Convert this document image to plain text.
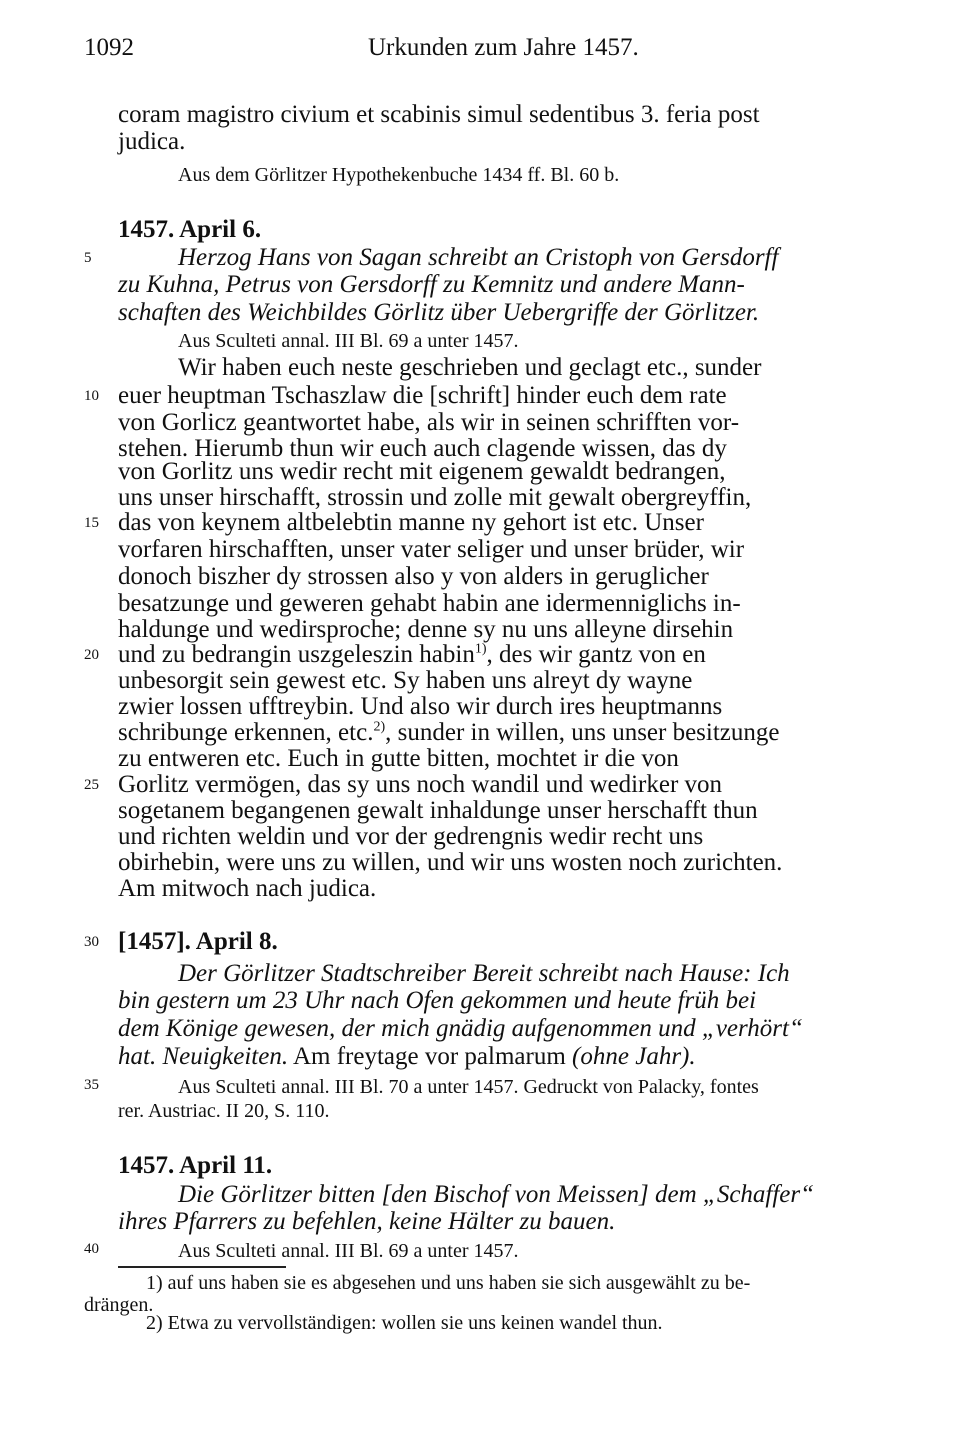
1092	Urkunden zum Jahre 1457.
5
10
15
20
25
30
35
40
coram magistro civium et scabinis simul sedentibus 3. feria post
judica.
Aus dem Görlitzer Hypothekenbuche 1434 ff. Bl. 60 b.
1457. April 6.
Herzog Hans von Sagan schreibt an Cristoph von Gersdorff
zu Kuhna, Petrus von Gersdorff zu Kemnitz und andere Mann-
schaften des Weichbildes Görlitz über Uebergriffe der Görlitzer.
Aus Sculteti annal. III Bl. 69 a unter 1457.
Wir haben euch neste geschrieben und geclagt etc., sunder
euer heuptman Tschaszlaw die [schrift] hinder euch dem rate
von Gorlicz geantwortet habe, als wir in seinen schrifften vor-
stehen. Hierumb thun wir euch auch clagende wissen, das dy
von Gorlitz uns wedir recht mit eigenem gewaldt bedrangen,
uns unser hirschafft, strossin und zolle mit gewalt obergreyffin,
das von keynem altbelebtin manne ny gehort ist etc. Unser
vorfaren hirschafften, unser vater seliger und unser brüder, wir
donoch biszher dy strossen also y von alders in geruglicher
besatzunge und geweren gehabt habin ane idermenniglichs in-
haldunge und wedirsproche; denne sy nu uns alleyne dirsehin
und zu bedrangin uszgeleszin habin$^{1)}$, des wir gantz von en
unbesorgit sein gewest etc. Sy haben uns alreyt dy wayne
zwier lossen ufftreybin. Und also wir durch ires heuptmanns
schribunge erkennen, etc.$^{2)}$, sunder in willen, uns unser besitzunge
zu entweren etc. Euch in gutte bitten, mochtet ir die von
Gorlitz vermögen, das sy uns noch wandil und wedirker von
sogetanem begangenen gewalt inhaldunge unser herschafft thun
und richten weldin und vor der gedrengnis wedir recht uns
obirhebin, were uns zu willen, und wir uns wosten noch zurichten.
Am mitwoch nach judica.
[1457]. April 8.
Der Görlitzer Stadtschreiber Bereit schreibt nach Hause: Ich
bin gestern um 23 Uhr nach Ofen gekommen und heute früh bei
dem Könige gewesen, der mich gnädig aufgenommen und „verhört“
hat. Neuigkeiten. Am freytage vor palmarum (ohne Jahr).
Aus Sculteti annal. III Bl. 70 a unter 1457. Gedruckt von Palacky, fontes
rer. Austriac. II 20, S. 110.
1457. April 11.
Die Görlitzer bitten [den Bischof von Meissen] dem „Schaffer“
ihres Pfarrers zu befehlen, keine Hälter zu bauen.
Aus Sculteti annal. III Bl. 69 a unter 1457.
1) auf uns haben sie es abgesehen und uns haben sie sich ausgewählt zu be-
drängen.
2) Etwa zu vervollständigen: wollen sie uns keinen wandel thun.
